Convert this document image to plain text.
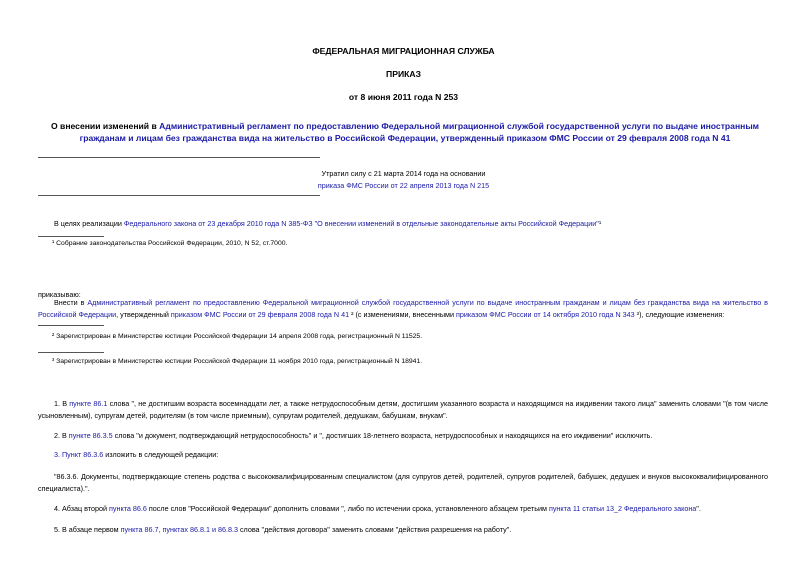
ФЕДЕРАЛЬНАЯ МИГРАЦИОННАЯ СЛУЖБА
ПРИКАЗ
от 8 июня 2011 года N 253
О внесении изменений в Административный регламент по предоставлению Федеральной миграционной службой государственной услуги по выдаче иностранным гражданам и лицам без гражданства вида на жительство в Российской Федерации, утвержденный приказом ФМС России от 29 февраля 2008 года N 41
Утратил силу с 21 марта 2014 года на основании
приказа ФМС России от 22 апреля 2013 года N 215
В целях реализации Федерального закона от 23 декабря 2010 года N 385-ФЗ "О внесении изменений в отдельные законодательные акты Российской Федерации"¹
¹ Собрание законодательства Российской Федерации, 2010, N 52, ст.7000.
приказываю:
Внести в Административный регламент по предоставлению Федеральной миграционной службой государственной услуги по выдаче иностранным гражданам и лицам без гражданства вида на жительство в Российской Федерации, утвержденный приказом ФМС России от 29 февраля 2008 года N 41 ² (с изменениями, внесенными приказом ФМС России от 14 октября 2010 года N 343 ³), следующие изменения:
² Зарегистрирован в Министерстве юстиции Российской Федерации 14 апреля 2008 года, регистрационный N 11525.
³ Зарегистрирован в Министерстве юстиции Российской Федерации 11 ноября 2010 года, регистрационный N 18941.
1. В пункте 86.1 слова ", не достигшим возраста восемнадцати лет, а также нетрудоспособным детям, достигшим указанного возраста и находящимся на иждивении такого лица" заменить словами "(в том числе усыновленным), супругам детей, родителям (в том числе приемным), супругам родителей, дедушкам, бабушкам, внукам".
2. В пункте 86.3.5 слова "и документ, подтверждающий нетрудоспособность" и ", достигших 18-летнего возраста, нетрудоспособных и находящихся на его иждивении" исключить.
3. Пункт 86.3.6 изложить в следующей редакции:
"86.3.6. Документы, подтверждающие степень родства с высококвалифицированным специалистом (для супругов детей, родителей, супругов родителей, бабушек, дедушек и внуков высококвалифицированного специалиста).".
4. Абзац второй пункта 86.6 после слов "Российской Федерации" дополнить словами ", либо по истечении срока, установленного абзацем третьим пункта 11 статьи 13_2 Федерального закона".
5. В абзаце первом пункта 86.7, пунктах 86.8.1 и 86.8.3 слова "действия договора" заменить словами "действия разрешения на работу".
